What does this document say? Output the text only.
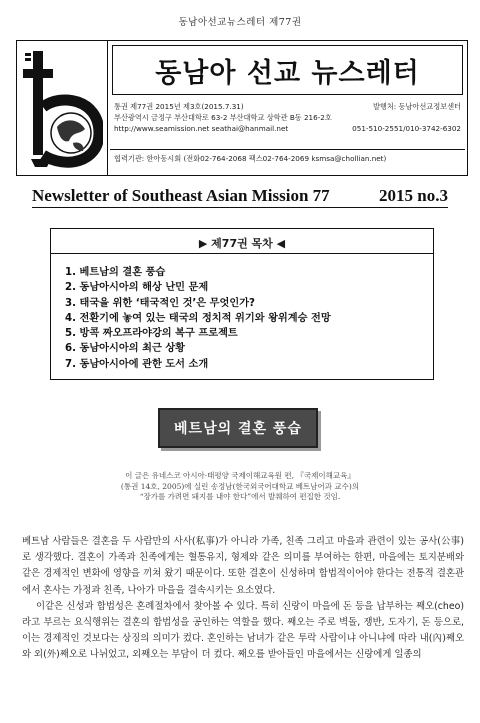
동남아선교뉴스레터 제77권
동남아 선교 뉴스레터
통권 제77권 2015년 제3호(2015.7.31)	발행처: 동남아선교정보센터
부산광역시 금정구 부산대학로 63-2 부산대학교 상학관 B동 216-2호
http://www.seamission.net seathai@hanmail.net	051-510-2551/010-3742-6302
협력기관: 한아동시회 (전화02-764-2068 팩스02-764-2069 ksmsa@chollian.net)
Newsletter of Southeast Asian Mission 77	2015 no.3
▶ 제77권 목차 ◀
1. 베트남의 결혼 풍습
2. 동남아시아의 해상 난민 문제
3. 태국을 위한 ‘태국적인 것’은 무엇인가?
4. 전환기에 놓여 있는 태국의 정치적 위기와 왕위계승 전망
5. 방콕 짜오프라야강의 복구 프로젝트
6. 동남아시아의 최근 상황
7. 동남아시아에 관한 도서 소개
베트남의 결혼 풍습
이 글은 유네스코 아시아·태평양 국제이해교육원 편, 『국제이해교육』
(통권 14호, 2005)에 실린 송정남(한국외국어대학교 베트남어과 교수)의
“장가를 가려면 돼지를 내야 한다”에서 발췌하여 편집한 것임.

베트남 사람들은 결혼을 두 사람만의 사사(私事)가 아니라 가족, 친족 그리고 마을과 관련이 있는 공사(公事)로 생각했다. 결혼이 가족과 친족에게는 혈통유지, 형제와 같은 의미를 부여하는 한편, 마을에는 토지분배와 같은 경제적인 변화에 영향을 끼쳐 왔기 때문이다. 또한 결혼이 신성하며 합법적이어야 한다는 전통적 결혼관에서 혼사는 가정과 친족, 나아가 마을을 결속시키는 요소였다.

이같은 신성과 합법성은 혼례절차에서 찾아볼 수 있다. 특히 신랑이 마을에 돈 등을 납부하는 째오(cheo)라고 부르는 요식행위는 결혼의 합법성을 공인하는 역할을 했다. 째오는 주로 벽돌, 쟁반, 도자기, 돈 등으로, 이는 경제적인 것보다는 상징의 의미가 컸다. 혼인하는 남녀가 같은 투락 사람이냐 아니냐에 따라 내(內)째오와 외(外)째오로 나뉘었고, 외째오는 부담이 더 컸다. 째오를 받아들인 마을에서는 신랑에게 일종의
